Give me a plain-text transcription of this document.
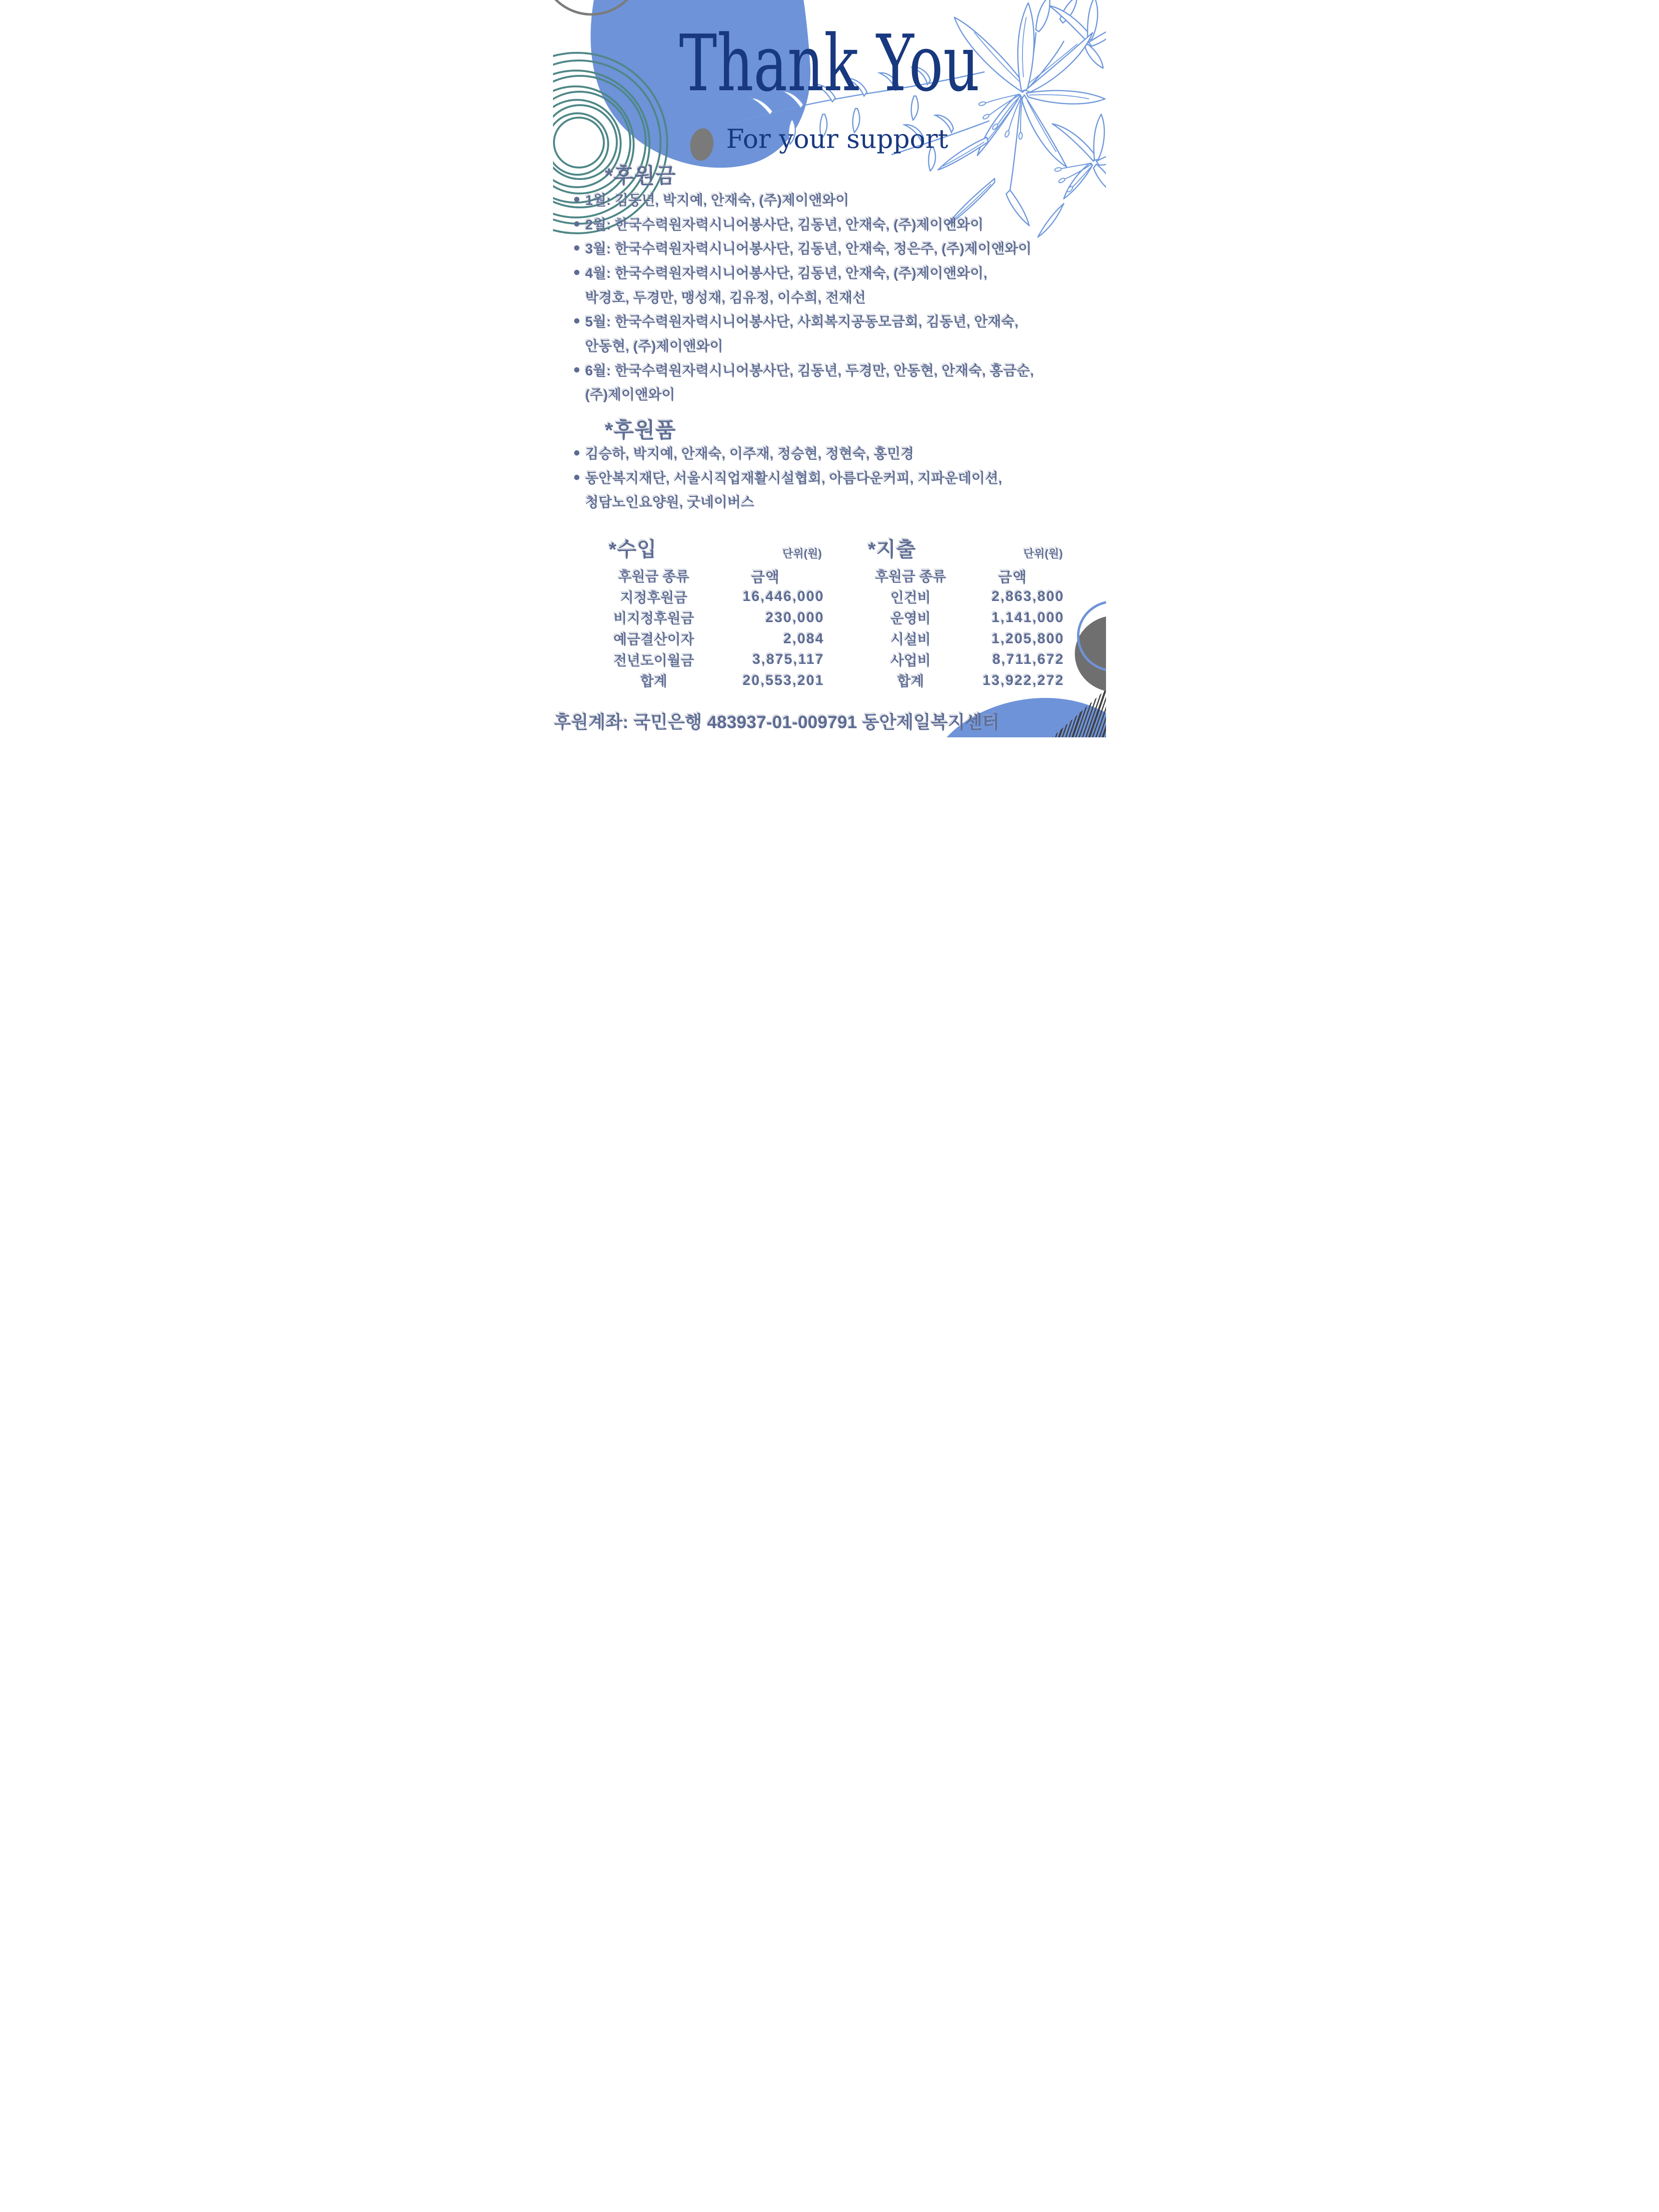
Thank You
For your support
*후원금
1월: 김동년, 박지예, 안재숙, (주)제이앤와이
2월: 한국수력원자력시니어봉사단, 김동년, 안재숙, (주)제이앤와이
3월: 한국수력원자력시니어봉사단, 김동년, 안재숙, 정은주, (주)제이앤와이
4월: 한국수력원자력시니어봉사단, 김동년, 안재숙, (주)제이앤와이,
박경호, 두경만, 맹성재, 김유정, 이수희, 전재선
5월: 한국수력원자력시니어봉사단, 사회복지공동모금회, 김동년, 안재숙,
안동현, (주)제이앤와이
6월: 한국수력원자력시니어봉사단, 김동년, 두경만, 안동현, 안재숙, 홍금순,
(주)제이앤와이
*후원품
김승하, 박지예, 안재숙, 이주재, 정승현, 정현숙, 홍민경
동안복지재단, 서울시직업재활시설협회, 아름다운커피, 지파운데이션,
청담노인요양원, 굿네이버스
*수입	단위(원)
후원금 종류	금액
지정후원금	16,446,000
비지정후원금	230,000
예금결산이자	2,084
전년도이월금	3,875,117
합계	20,553,201
*지출	단위(원)
후원금 종류	금액
인건비	2,863,800
운영비	1,141,000
시설비	1,205,800
사업비	8,711,672
합계	13,922,272
후원계좌: 국민은행 483937-01-009791 동안제일복지센터
